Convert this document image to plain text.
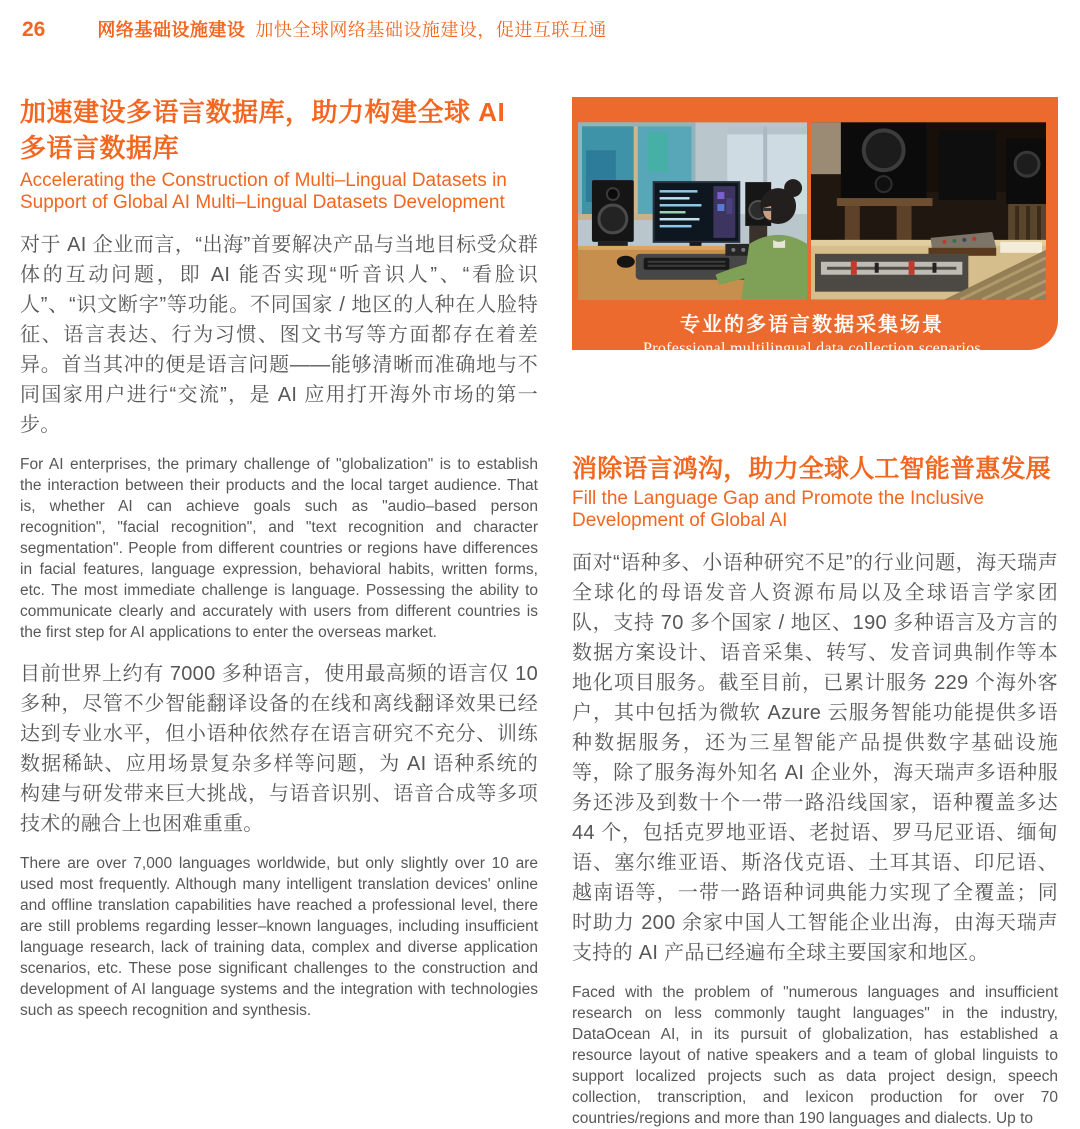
26	网络基础设施建设 加快全球网络基础设施建设，促进互联互通
加速建设多语言数据库，助力构建全球 AI 多语言数据库

Accelerating the Construction of Multi–Lingual Datasets in Support of Global AI Multi–Lingual Datasets Development

对于 AI 企业而言，“出海”首要解决产品与当地目标受众群体的互动问题，即 AI 能否实现“听音识人”、“看脸识人”、“识文断字”等功能。不同国家 / 地区的人种在人脸特征、语言表达、行为习惯、图文书写等方面都存在着差异。首当其冲的便是语言问题——能够清晰而准确地与不同国家用户进行“交流”，是 AI 应用打开海外市场的第一步。

For AI enterprises, the primary challenge of "globalization" is to establish the interaction between their products and the local target audience. That is, whether AI can achieve goals such as "audio–based person recognition", "facial recognition", and "text recognition and character segmentation". People from different countries or regions have differences in facial features, language expression, behavioral habits, written forms, etc. The most immediate challenge is language. Possessing the ability to communicate clearly and accurately with users from different countries is the first step for AI applications to enter the overseas market.

目前世界上约有 7000 多种语言，使用最高频的语言仅 10 多种，尽管不少智能翻译设备的在线和离线翻译效果已经达到专业水平，但小语种依然存在语言研究不充分、训练数据稀缺、应用场景复杂多样等问题，为 AI 语种系统的构建与研发带来巨大挑战，与语音识别、语音合成等多项技术的融合上也困难重重。

There are over 7,000 languages worldwide, but only slightly over 10 are used most frequently. Although many intelligent translation devices' online and offline translation capabilities have reached a professional level, there are still problems regarding lesser–known languages, including insufficient language research, lack of training data, complex and diverse application scenarios, etc. These pose significant challenges to the construction and development of AI language systems and the integration with technologies such as speech recognition and synthesis.

专业的多语言数据采集场景
Professional multilingual data collection scenarios
消除语言鸿沟，助力全球人工智能普惠发展

Fill the Language Gap and Promote the Inclusive Development of Global AI

面对“语种多、小语种研究不足”的行业问题，海天瑞声全球化的母语发音人资源布局以及全球语言学家团队，支持 70 多个国家 / 地区、190 多种语言及方言的数据方案设计、语音采集、转写、发音词典制作等本地化项目服务。截至目前，已累计服务 229 个海外客户，其中包括为微软 Azure 云服务智能功能提供多语种数据服务，还为三星智能产品提供数字基础设施等，除了服务海外知名 AI 企业外，海天瑞声多语种服务还涉及到数十个一带一路沿线国家，语种覆盖多达 44 个，包括克罗地亚语、老挝语、罗马尼亚语、缅甸语、塞尔维亚语、斯洛伐克语、土耳其语、印尼语、越南语等，一带一路语种词典能力实现了全覆盖；同时助力 200 余家中国人工智能企业出海，由海天瑞声支持的 AI 产品已经遍布全球主要国家和地区。

Faced with the problem of "numerous languages and insufficient research on less commonly taught languages" in the industry, DataOcean AI, in its pursuit of globalization, has established a resource layout of native speakers and a team of global linguists to support localized projects such as data project design, speech collection, transcription, and lexicon production for over 70 countries/regions and more than 190 languages and dialects. Up to
